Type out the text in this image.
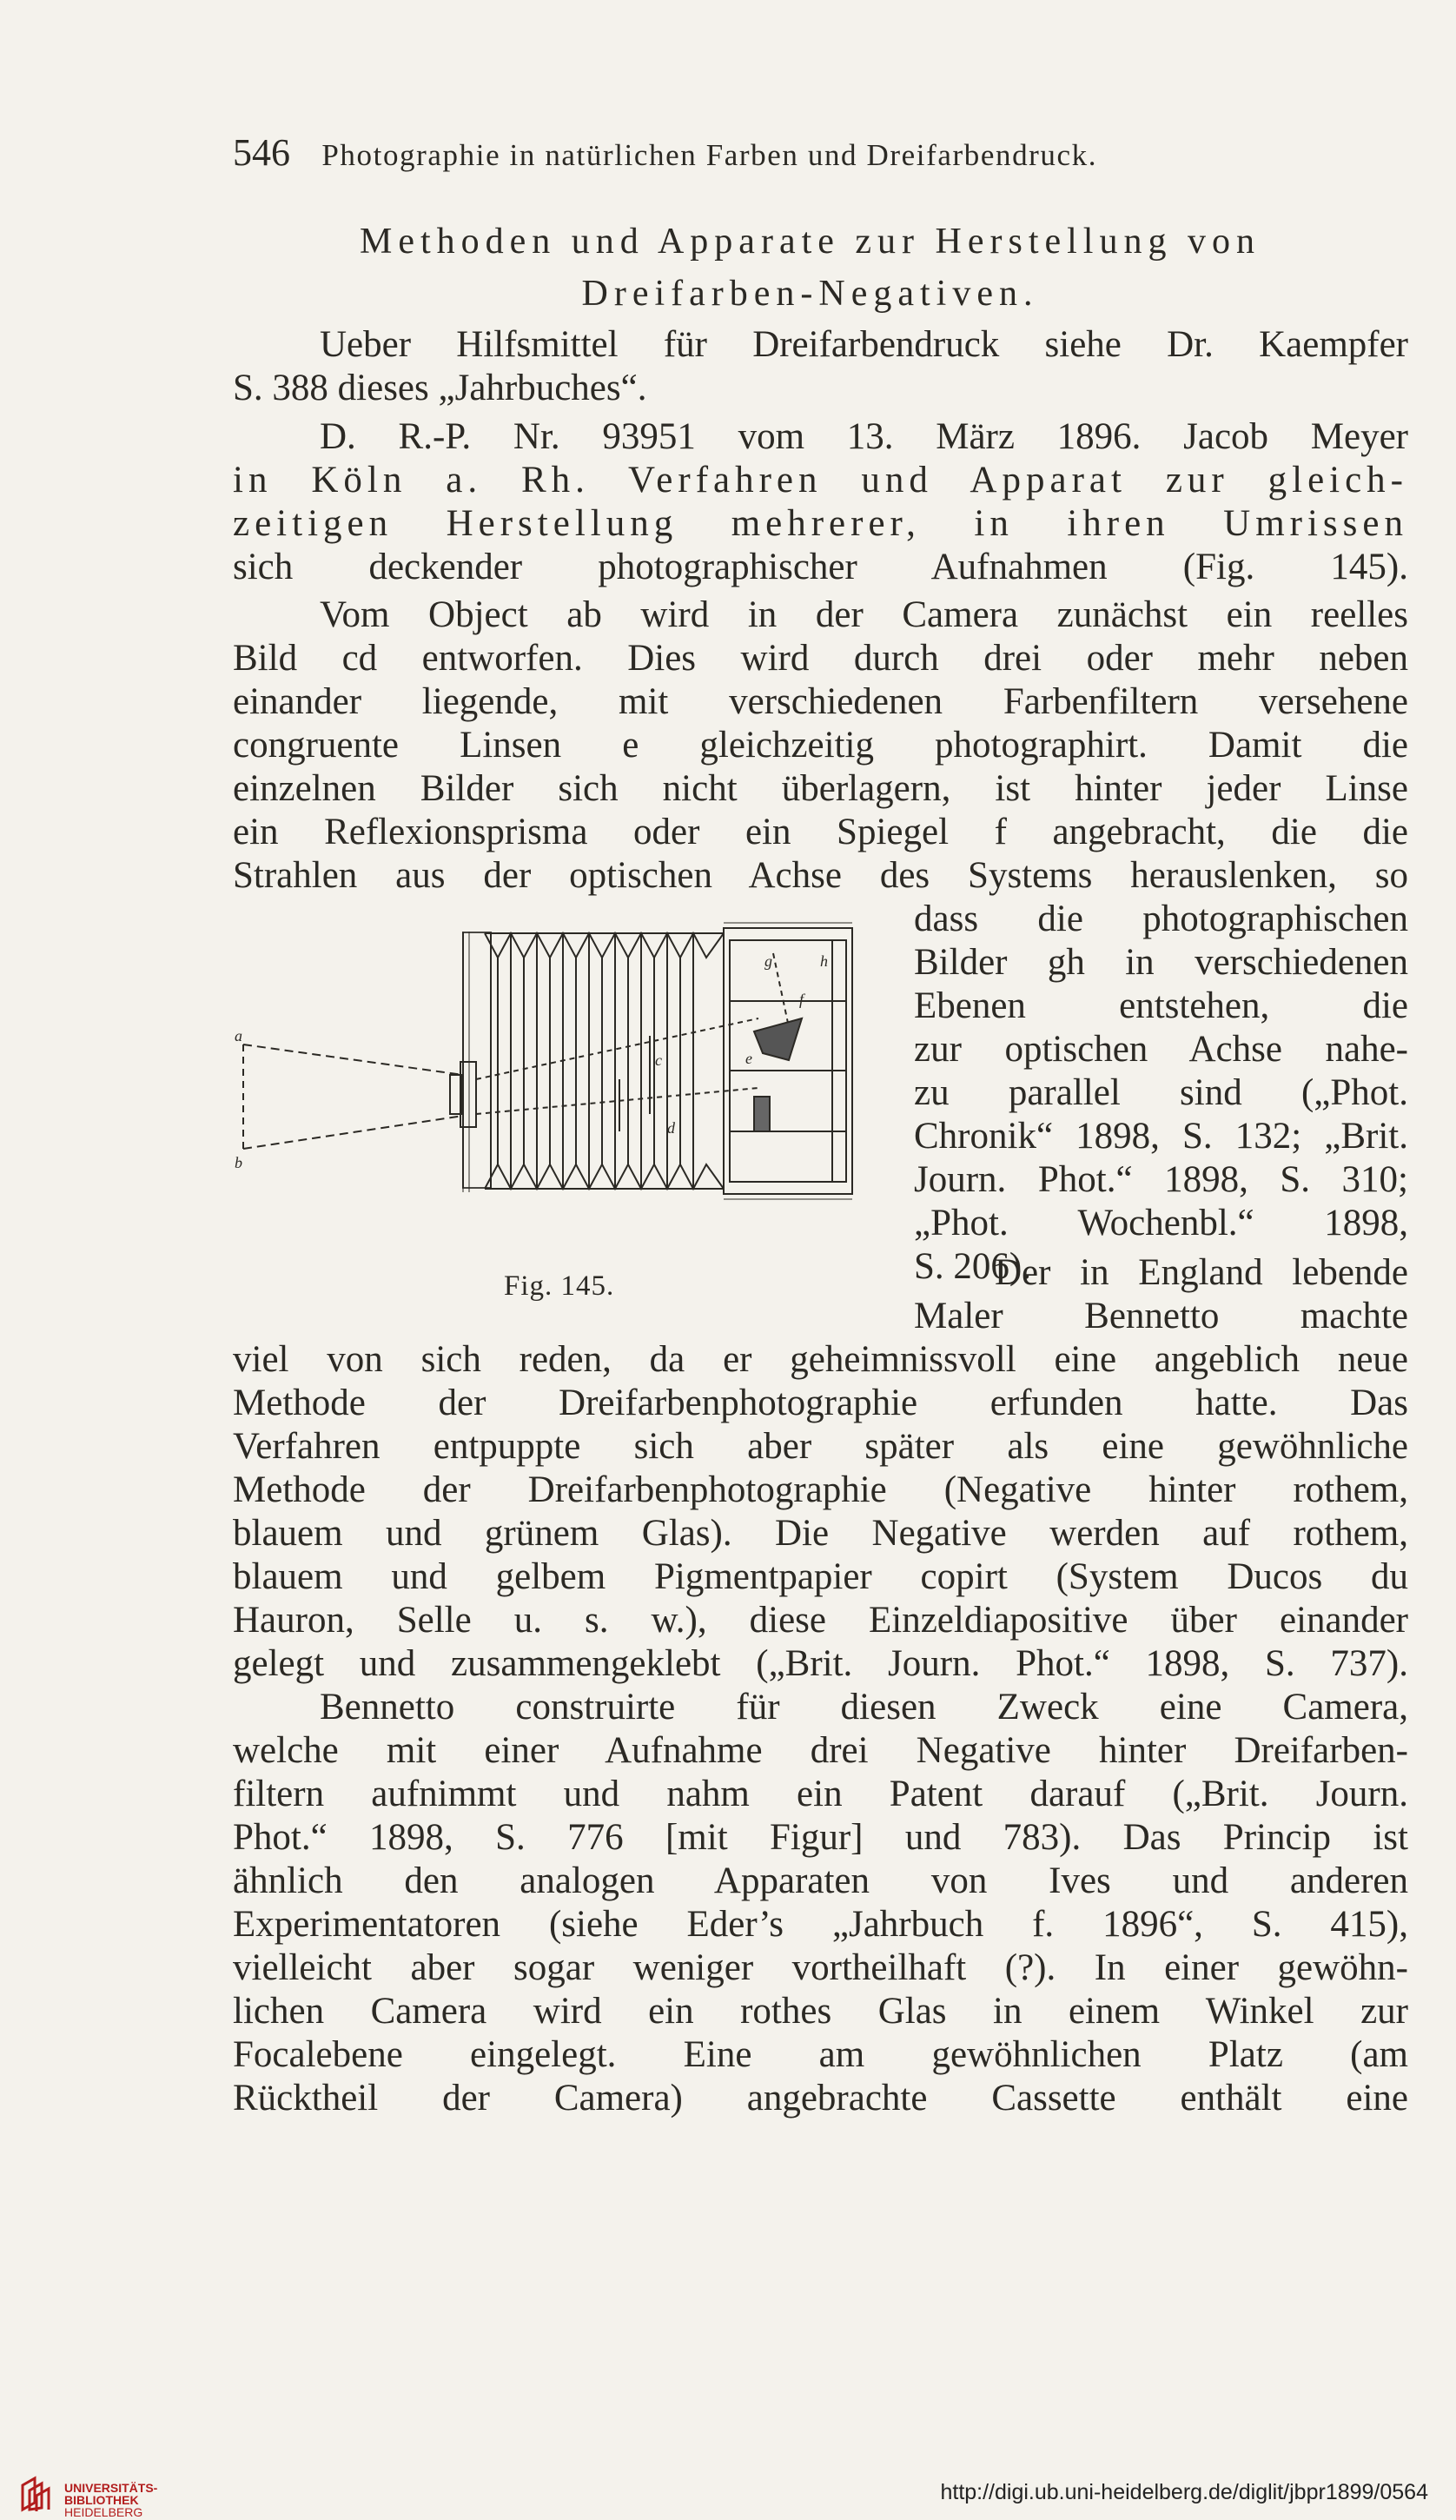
546 Photographie in natürlichen Farben und Dreifarbendruck.
Methoden und Apparate zur Herstellung von
Dreifarben-Negativen.
Ueber Hilfsmittel für Dreifarbendruck siehe Dr. Kaempfer
S. 388 dieses „Jahrbuches“.
D. R.-P. Nr. 93951 vom 13. März 1896. Jacob Meyer
in Köln a. Rh. Verfahren und Apparat zur gleich-
zeitigen Herstellung mehrerer, in ihren Umrissen
sich deckender photographischer Aufnahmen (Fig. 145).
Vom Object ab wird in der Camera zunächst ein reelles
Bild cd entworfen. Dies wird durch drei oder mehr neben
einander liegende, mit verschiedenen Farbenfiltern versehene
congruente Linsen e gleichzeitig photographirt. Damit die
einzelnen Bilder sich nicht überlagern, ist hinter jeder Linse
ein Reflexionsprisma oder ein Spiegel f angebracht, die die
Strahlen aus der optischen Achse des Systems herauslenken, so
dass die photographischen
Bilder gh in verschiedenen
Ebenen entstehen, die
zur optischen Achse nahe-
zu parallel sind („Phot.
Chronik“ 1898, S. 132; „Brit.
Journ. Phot.“ 1898, S. 310;
„Phot. Wochenbl.“ 1898,
S. 206).
Der in England lebende
Maler Bennetto machte
a
b
c
d
e
f
g	h
Fig. 145.
viel von sich reden, da er geheimnissvoll eine angeblich neue
Methode der Dreifarbenphotographie erfunden hatte. Das
Verfahren entpuppte sich aber später als eine gewöhnliche
Methode der Dreifarbenphotographie (Negative hinter rothem,
blauem und grünem Glas). Die Negative werden auf rothem,
blauem und gelbem Pigmentpapier copirt (System Ducos du
Hauron, Selle u. s. w.), diese Einzeldiapositive über einander
gelegt und zusammengeklebt („Brit. Journ. Phot.“ 1898, S. 737).
Bennetto construirte für diesen Zweck eine Camera,
welche mit einer Aufnahme drei Negative hinter Dreifarben-
filtern aufnimmt und nahm ein Patent darauf („Brit. Journ.
Phot.“ 1898, S. 776 [mit Figur] und 783). Das Princip ist
ähnlich den analogen Apparaten von Ives und anderen
Experimentatoren (siehe Eder’s „Jahrbuch f. 1896“, S. 415),
vielleicht aber sogar weniger vortheilhaft (?). In einer gewöhn-
lichen Camera wird ein rothes Glas in einem Winkel zur
Focalebene eingelegt. Eine am gewöhnlichen Platz (am
Rücktheil der Camera) angebrachte Cassette enthält eine
UNIVERSITÄTS-
BIBLIOTHEK
HEIDELBERG
http://digi.ub.uni-heidelberg.de/diglit/jbpr1899/0564
